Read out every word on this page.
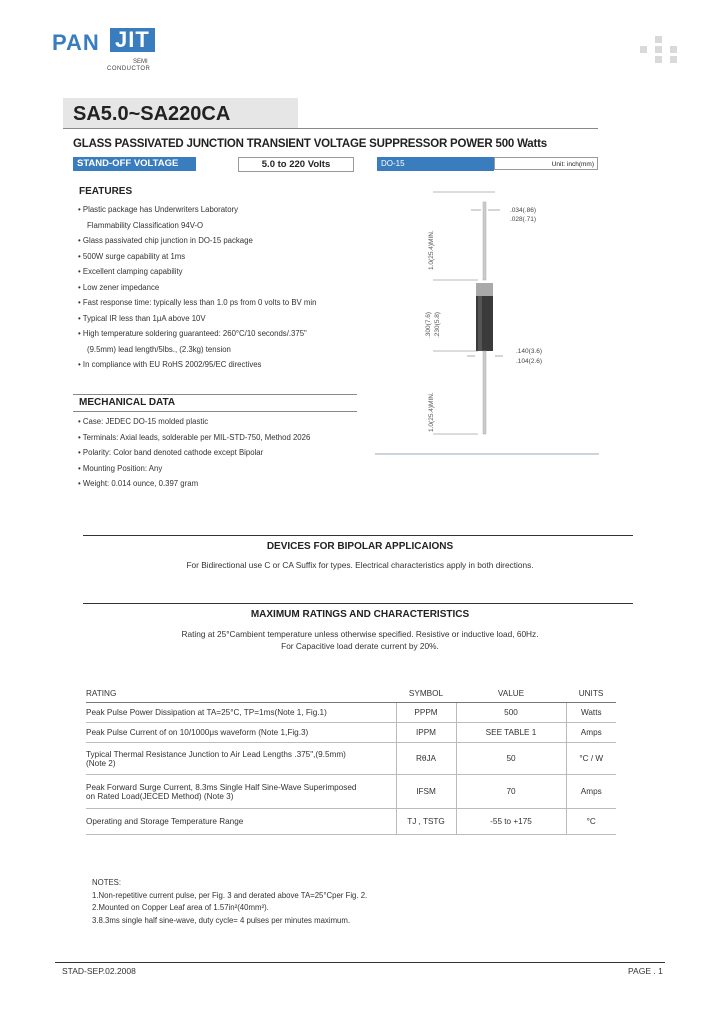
PAN JIT
SEMI
CONDUCTOR
SA5.0~SA220CA
GLASS PASSIVATED JUNCTION TRANSIENT VOLTAGE SUPPRESSOR POWER 500 Watts
STAND-OFF VOLTAGE	5.0 to 220 Volts	DO-15	Unit: inch(mm)
FEATURES
• Plastic package has Underwriters Laboratory
Flammability Classification 94V-O
• Glass passivated chip junction in DO-15 package
• 500W surge capability at 1ms
• Excellent clamping capability
• Low zener impedance
• Fast response time: typically less than 1.0 ps from 0 volts to BV min
• Typical IR less than 1μA above 10V
• High temperature soldering guaranteed: 260°C/10 seconds/.375"
(9.5mm) lead length/5lbs., (2.3kg) tension
• In compliance with EU RoHS 2002/95/EC directives
MECHANICAL DATA
• Case: JEDEC DO-15 molded plastic
• Terminals: Axial leads, solderable per MIL-STD-750, Method 2026
• Polarity: Color band denoted cathode except Bipolar
• Mounting Position: Any
• Weight: 0.014 ounce, 0.397 gram
.034(.86)
.028(.71)
.140(3.6)
.104(2.6)
1.0(25.4)MIN.
.300(7.6) .230(5.8)
1.0(25.4)MIN.
DEVICES FOR BIPOLAR APPLICAIONS
For Bidirectional use C or CA Suffix for types. Electrical characteristics apply in both directions.
MAXIMUM RATINGS AND CHARACTERISTICS
Rating at 25°Cambient temperature unless otherwise specified. Resistive or inductive load, 60Hz.
For Capacitive load derate current by 20%.
RATING	SYMBOL	VALUE	UNITS
Peak Pulse Power Dissipation at TA=25°C, TP=1ms(Note 1, Fig.1)	PPPM	500	Watts
Peak Pulse Current of on 10/1000μs waveform (Note 1,Fig.3)	IPPM	SEE TABLE 1	Amps

Typical Thermal Resistance Junction to Air Lead Lengths .375",(9.5mm)
(Note 2)	RθJA	50	°C / W

Peak Forward Surge Current, 8.3ms Single Half Sine-Wave Superimposed
on Rated Load(JECED Method) (Note 3)	IFSM	70	Amps
Operating and Storage Temperature Range	TJ , TSTG	-55 to +175	°C
NOTES:
1.Non-repetitive current pulse, per Fig. 3 and derated above TA=25°Cper Fig. 2.
2.Mounted on Copper Leaf area of 1.57in²(40mm²).
3.8.3ms single half sine-wave, duty cycle= 4 pulses per minutes maximum.
STAD-SEP.02.2008	PAGE . 1
